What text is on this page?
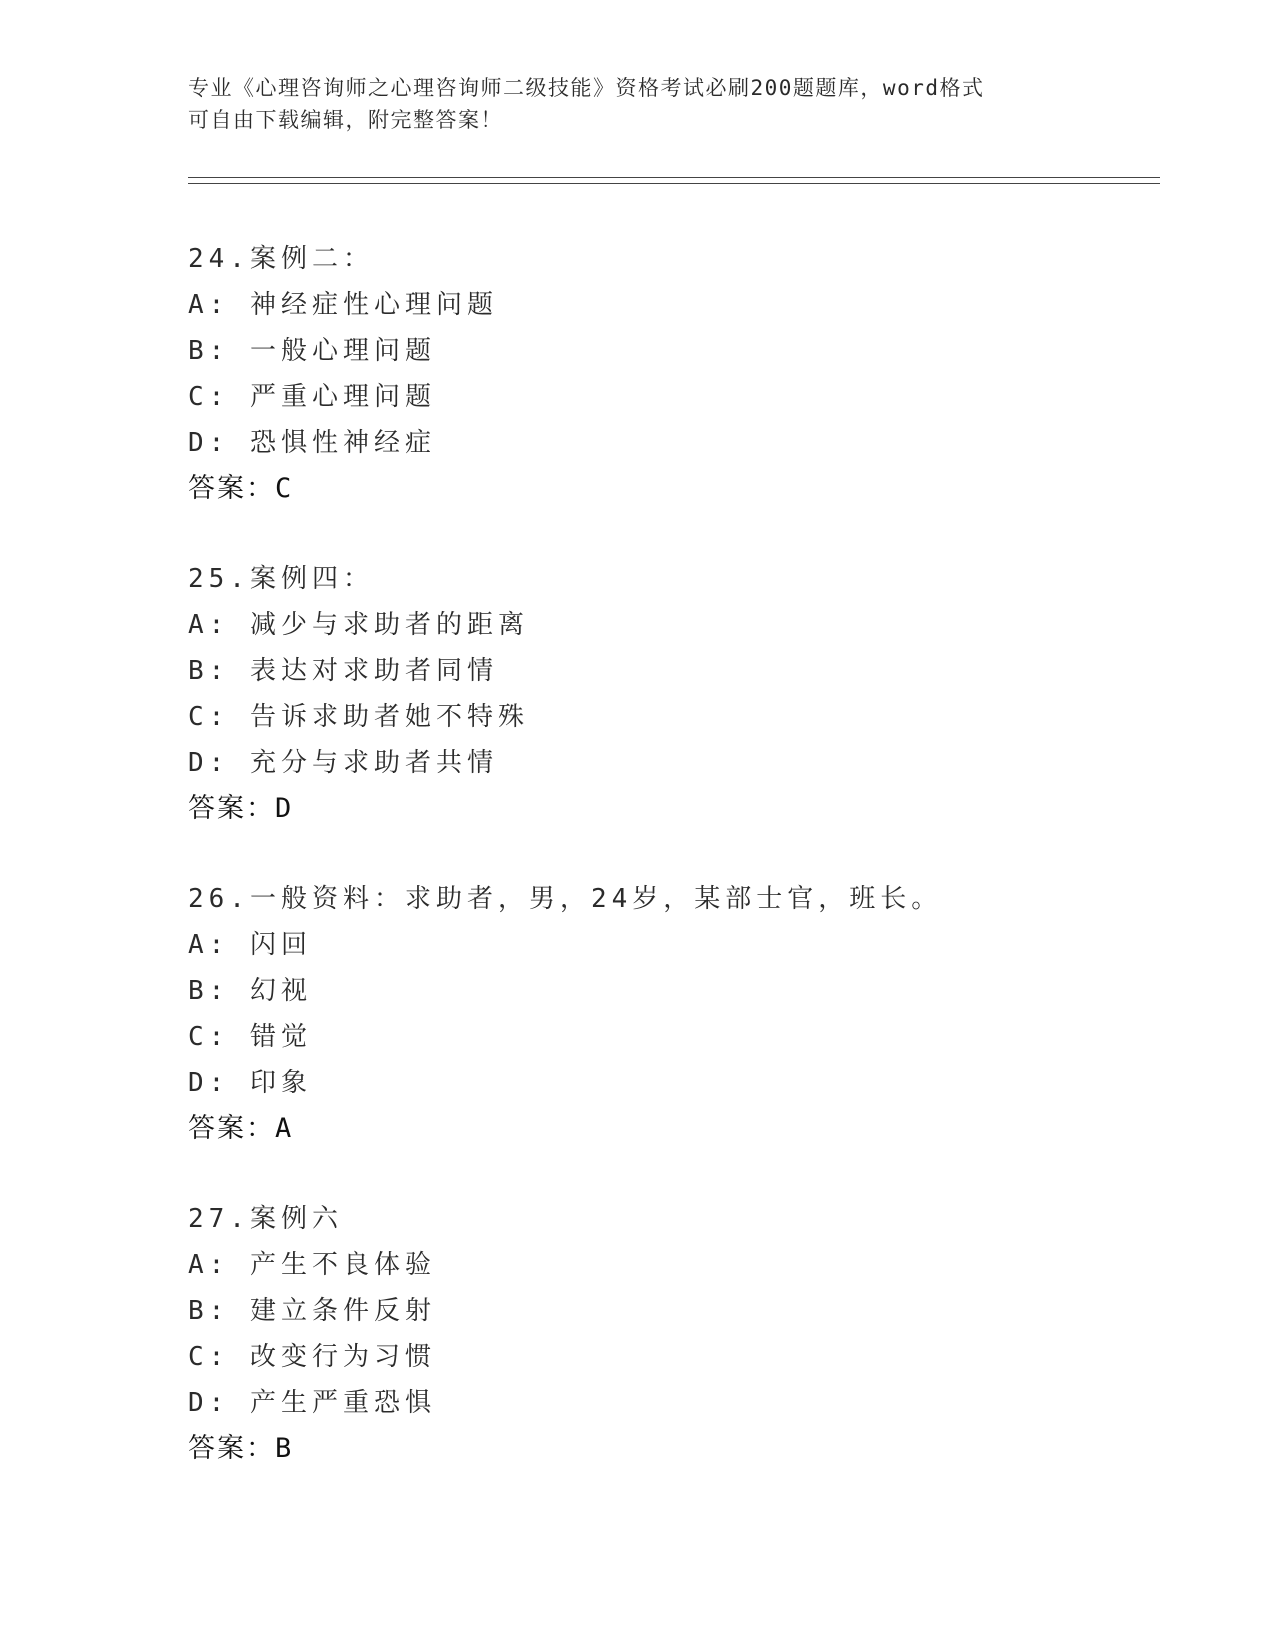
专业《心理咨询师之心理咨询师二级技能》资格考试必刷200题题库，word格式
可自由下载编辑，附完整答案！
24.案例二：
A: 神经症性心理问题
B: 一般心理问题
C: 严重心理问题
D: 恐惧性神经症
答案：C
25.案例四：
A: 减少与求助者的距离
B: 表达对求助者同情
C: 告诉求助者她不特殊
D: 充分与求助者共情
答案：D
26.一般资料：求助者，男，24岁，某部士官，班长。
A: 闪回
B: 幻视
C: 错觉
D: 印象
答案：A
27.案例六
A: 产生不良体验
B: 建立条件反射
C: 改变行为习惯
D: 产生严重恐惧
答案：B
